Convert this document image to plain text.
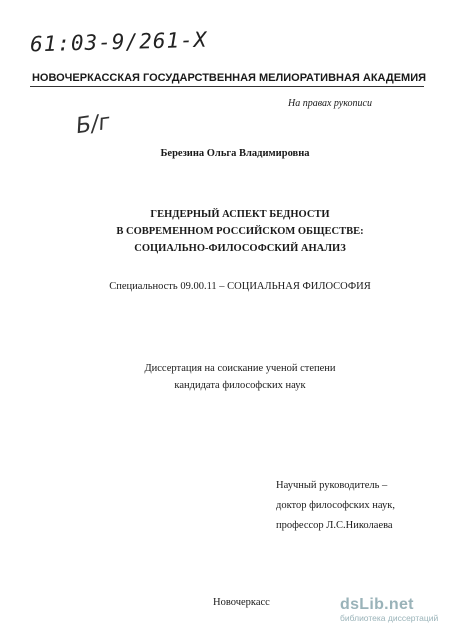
61:03-9/261-Х
НОВОЧЕРКАССКАЯ ГОСУДАРСТВЕННАЯ МЕЛИОРАТИВНАЯ АКАДЕМИЯ
На правах рукописи
Б/г
Березина Ольга Владимировна
ГЕНДЕРНЫЙ АСПЕКТ БЕДНОСТИ
В СОВРЕМЕННОМ РОССИЙСКОМ ОБЩЕСТВЕ:
СОЦИАЛЬНО-ФИЛОСОФСКИЙ АНАЛИЗ
Специальность 09.00.11 – СОЦИАЛЬНАЯ ФИЛОСОФИЯ
Диссертация на соискание ученой степени
кандидата философских наук
Научный руководитель –
доктор философских наук,
профессор Л.С.Николаева
Новочеркасс	dsLib.net
библиотека диссертаций
